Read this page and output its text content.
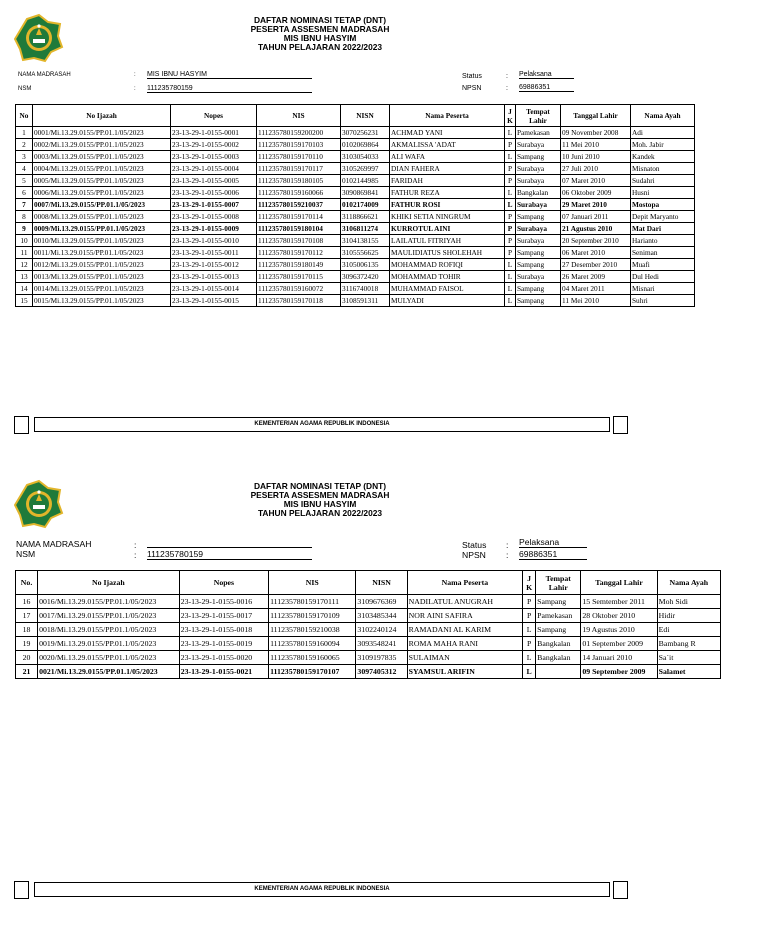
DAFTAR NOMINASI TETAP (DNT)
PESERTA ASSESMEN MADRASAH
MIS IBNU HASYIM
TAHUN PELAJARAN 2022/2023
NAMA MADRASAH	: MIS IBNU HASYIM
NSM	: 111235780159
Status	: Pelaksana
NPSN	: 69886351
No	No Ijazah	Nopes	NIS	NISN	Nama Peserta	J K	Tempat Lahir	Tanggal Lahir	Nama Ayah
1	0001/Mi.13.29.0155/PP.01.1/05/2023	23-13-29-1-0155-0001	111235780159200200	3070256231	ACHMAD YANI	L	Pamekasan	09 November 2008	Adi
2	0002/Mi.13.29.0155/PP.01.1/05/2023	23-13-29-1-0155-0002	111235780159170103	0102069864	AKMALISSA 'ADAT	P	Surabaya	11 Mei 2010	Moh. Jabir
3	0003/Mi.13.29.0155/PP.01.1/05/2023	23-13-29-1-0155-0003	111235780159170110	3103054033	ALI WAFA	L	Sampang	10 Juni 2010	Kandek
4	0004/Mi.13.29.0155/PP.01.1/05/2023	23-13-29-1-0155-0004	111235780159170117	3105269997	DIAN FAHERA	P	Surabaya	27 Juli 2010	Misnaton
5	0005/Mi.13.29.0155/PP.01.1/05/2023	23-13-29-1-0155-0005	111235780159180105	0102144985	FARIDAH	P	Surabaya	07 Maret 2010	Sudahri
6	0006/Mi.13.29.0155/PP.01.1/05/2023	23-13-29-1-0155-0006	111235780159160066	3090869841	FATHUR REZA	L	Bangkalan	06 Oktober 2009	Husni
7	0007/Mi.13.29.0155/PP.01.1/05/2023	23-13-29-1-0155-0007	111235780159210037	0102174009	FATHUR ROSI	L	Surabaya	29 Maret 2010	Mostopa
8	0008/Mi.13.29.0155/PP.01.1/05/2023	23-13-29-1-0155-0008	111235780159170114	3118866621	KHIKI SETIA NINGRUM	P	Sampang	07 Januari 2011	Depit Maryanto
9	0009/Mi.13.29.0155/PP.01.1/05/2023	23-13-29-1-0155-0009	111235780159180104	3106811274	KURROTUL AINI	P	Surabaya	21 Agustus 2010	Mat Dari
10	0010/Mi.13.29.0155/PP.01.1/05/2023	23-13-29-1-0155-0010	111235780159170108	3104138155	LAILATUL FITRIYAH	P	Surabaya	20 September 2010	Harianto
11	0011/Mi.13.29.0155/PP.01.1/05/2023	23-13-29-1-0155-0011	111235780159170112	3105556625	MAULIDIATUS SHOLEHAH	P	Sampang	06 Maret 2010	Seniman
12	0012/Mi.13.29.0155/PP.01.1/05/2023	23-13-29-1-0155-0012	111235780159180149	3105006135	MOHAMMAD ROFIQI	L	Sampang	27 Desember 2010	Muafi
13	0013/Mi.13.29.0155/PP.01.1/05/2023	23-13-29-1-0155-0013	111235780159170115	3096372420	MOHAMMAD TOHIR	L	Surabaya	26 Maret 2009	Dul Hedi
14	0014/Mi.13.29.0155/PP.01.1/05/2023	23-13-29-1-0155-0014	111235780159160072	3116740018	MUHAMMAD FAISOL	L	Sampang	04 Maret 2011	Misnari
15	0015/Mi.13.29.0155/PP.01.1/05/2023	23-13-29-1-0155-0015	111235780159170118	3108591311	MULYADI	L	Sampang	11 Mei 2010	Suhri
KEMENTERIAN AGAMA REPUBLIK INDONESIA
DAFTAR NOMINASI TETAP (DNT)
PESERTA ASSESMEN MADRASAH
MIS IBNU HASYIM
TAHUN PELAJARAN 2022/2023
NAMA MADRASAH	:
NSM	: 111235780159
Status : Pelaksana
NPSN : 69886351
No.	No Ijazah	Nopes	NIS	NISN	Nama Peserta	J K	Tempat Lahir	Tanggal Lahir	Nama Ayah
16	0016/Mi.13.29.0155/PP.01.1/05/2023	23-13-29-1-0155-0016	111235780159170111	3109676369	NADILATUL ANUGRAH	P	Sampang	15 Semtember 2011	Moh Sidi
17	0017/Mi.13.29.0155/PP.01.1/05/2023	23-13-29-1-0155-0017	111235780159170109	3103485344	NOR AINI SAFIRA	P	Pamekasan	28 Oktober 2010	Hidir
18	0018/Mi.13.29.0155/PP.01.1/05/2023	23-13-29-1-0155-0018	111235780159210038	3102240124	RAMADANI AL KARIM	L	Sampang	19 Agustus 2010	Edi
19	0019/Mi.13.29.0155/PP.01.1/05/2023	23-13-29-1-0155-0019	111235780159160094	3093548241	ROMA MAHA RANI	P	Bangkalan	01 September 2009	Bambang R
20	0020/Mi.13.29.0155/PP.01.1/05/2023	23-13-29-1-0155-0020	111235780159160065	3109197835	SULAIMAN	L	Bangkalan	14 Januari 2010	Sa`it
21	0021/Mi.13.29.0155/PP.01.1/05/2023	23-13-29-1-0155-0021	111235780159170107	3097405312	SYAMSUL ARIFIN	L		09 September 2009	Salamet
KEMENTERIAN AGAMA REPUBLIK INDONESIA
